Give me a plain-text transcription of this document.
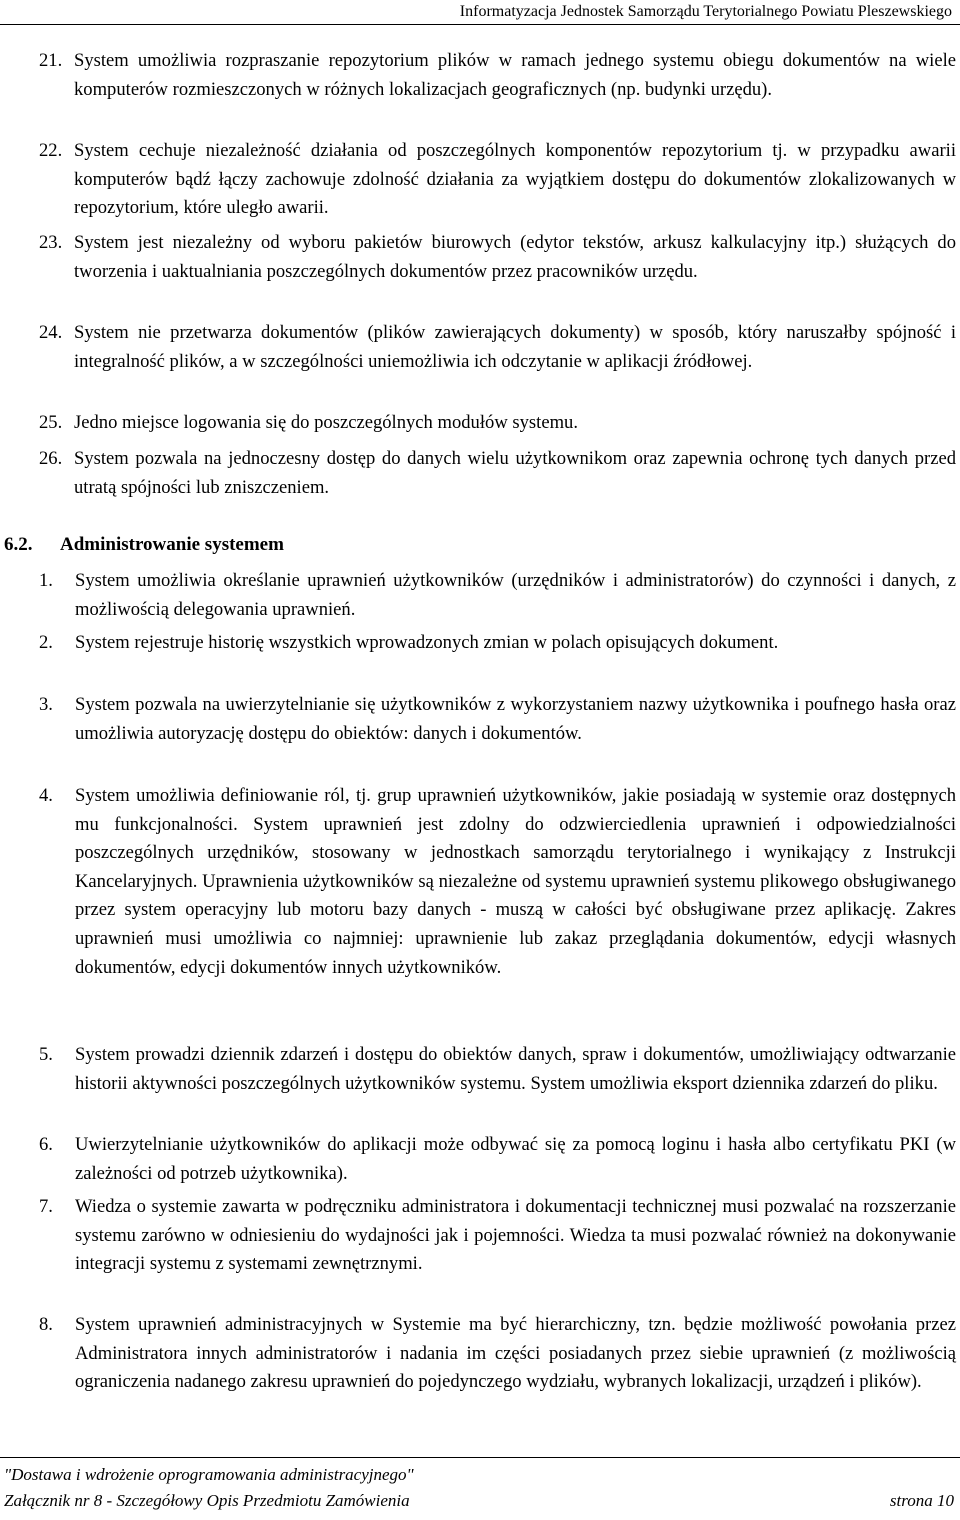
Informatyzacja Jednostek Samorządu Terytorialnego Powiatu Pleszewskiego
21. System umożliwia rozpraszanie repozytorium plików w ramach jednego systemu obiegu dokumentów na wiele komputerów rozmieszczonych w różnych lokalizacjach geograficznych (np. budynki urzędu).
22. System cechuje niezależność działania od poszczególnych komponentów repozytorium tj. w przypadku awarii komputerów bądź łączy zachowuje zdolność działania za wyjątkiem dostępu do dokumentów zlokalizowanych w repozytorium, które uległo awarii.
23. System jest niezależny od wyboru pakietów biurowych (edytor tekstów, arkusz kalkulacyjny itp.) służących do tworzenia i uaktualniania poszczególnych dokumentów przez pracowników urzędu.
24. System nie przetwarza dokumentów (plików zawierających dokumenty) w sposób, który naruszałby spójność i integralność plików, a w szczególności uniemożliwia ich odczytanie w aplikacji źródłowej.
25. Jedno miejsce logowania się do poszczególnych modułów systemu.
26. System pozwala na jednoczesny dostęp do danych wielu użytkownikom oraz zapewnia ochronę tych danych przed utratą spójności lub zniszczeniem.
6.2. Administrowanie systemem
1. System umożliwia określanie uprawnień użytkowników (urzędników i administratorów) do czynności i danych, z możliwością delegowania uprawnień.
2. System rejestruje historię wszystkich wprowadzonych zmian w polach opisujących dokument.
3. System pozwala na uwierzytelnianie się użytkowników z wykorzystaniem nazwy użytkownika i poufnego hasła oraz umożliwia autoryzację dostępu do obiektów: danych i dokumentów.
4. System umożliwia definiowanie ról, tj. grup uprawnień użytkowników, jakie posiadają w systemie oraz dostępnych mu funkcjonalności. System uprawnień jest zdolny do odzwierciedlenia uprawnień i odpowiedzialności poszczególnych urzędników, stosowany w jednostkach samorządu terytorialnego i wynikający z Instrukcji Kancelaryjnych. Uprawnienia użytkowników są niezależne od systemu uprawnień systemu plikowego obsługiwanego przez system operacyjny lub motoru bazy danych - muszą w całości być obsługiwane przez aplikację. Zakres uprawnień musi umożliwia co najmniej: uprawnienie lub zakaz przeglądania dokumentów, edycji własnych dokumentów, edycji dokumentów innych użytkowników.
5. System prowadzi dziennik zdarzeń i dostępu do obiektów danych, spraw i dokumentów, umożliwiający odtwarzanie historii aktywności poszczególnych użytkowników systemu. System umożliwia eksport dziennika zdarzeń do pliku.
6. Uwierzytelnianie użytkowników do aplikacji może odbywać się za pomocą loginu i hasła albo certyfikatu PKI (w zależności od potrzeb użytkownika).
7. Wiedza o systemie zawarta w podręczniku administratora i dokumentacji technicznej musi pozwalać na rozszerzanie systemu zarówno w odniesieniu do wydajności jak i pojemności. Wiedza ta musi pozwalać również na dokonywanie integracji systemu z systemami zewnętrznymi.
8. System uprawnień administracyjnych w Systemie ma być hierarchiczny, tzn. będzie możliwość powołania przez Administratora innych administratorów i nadania im części posiadanych przez siebie uprawnień (z możliwością ograniczenia nadanego zakresu uprawnień do pojedynczego wydziału, wybranych lokalizacji, urządzeń i plików).
"Dostawa i wdrożenie oprogramowania administracyjnego"
Załącznik nr 8 - Szczegółowy Opis Przedmiotu Zamówienia	strona 10
